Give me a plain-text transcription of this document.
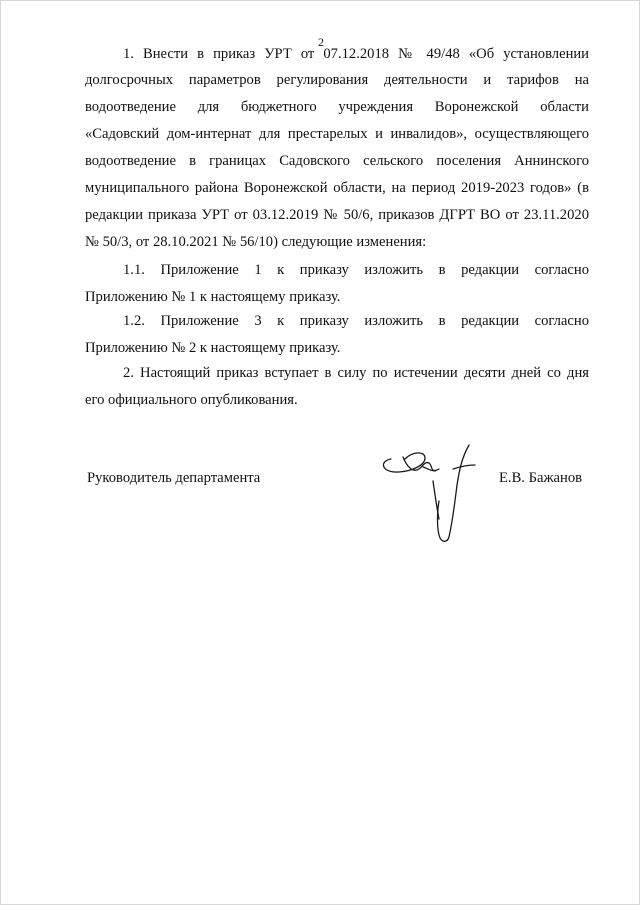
2
1. Внести в приказ УРТ от 07.12.2018 № 49/48 «Об установлении
долгосрочных параметров регулирования деятельности и тарифов на
водоотведение для бюджетного учреждения Воронежской области
«Садовский дом-интернат для престарелых и инвалидов», осуществляющего
водоотведение в границах Садовского сельского поселения Аннинского
муниципального района Воронежской области, на период 2019-2023 годов» (в
редакции приказа УРТ от 03.12.2019 № 50/6, приказов ДГРТ ВО от 23.11.2020
№ 50/3, от 28.10.2021 № 56/10) следующие изменения:
1.1. Приложение 1 к приказу изложить в редакции согласно
Приложению № 1 к настоящему приказу.
1.2. Приложение 3 к приказу изложить в редакции согласно
Приложению № 2 к настоящему приказу.
2. Настоящий приказ вступает в силу по истечении десяти дней со дня
его официального опубликования.
Руководитель департамента	Е.В. Бажанов
